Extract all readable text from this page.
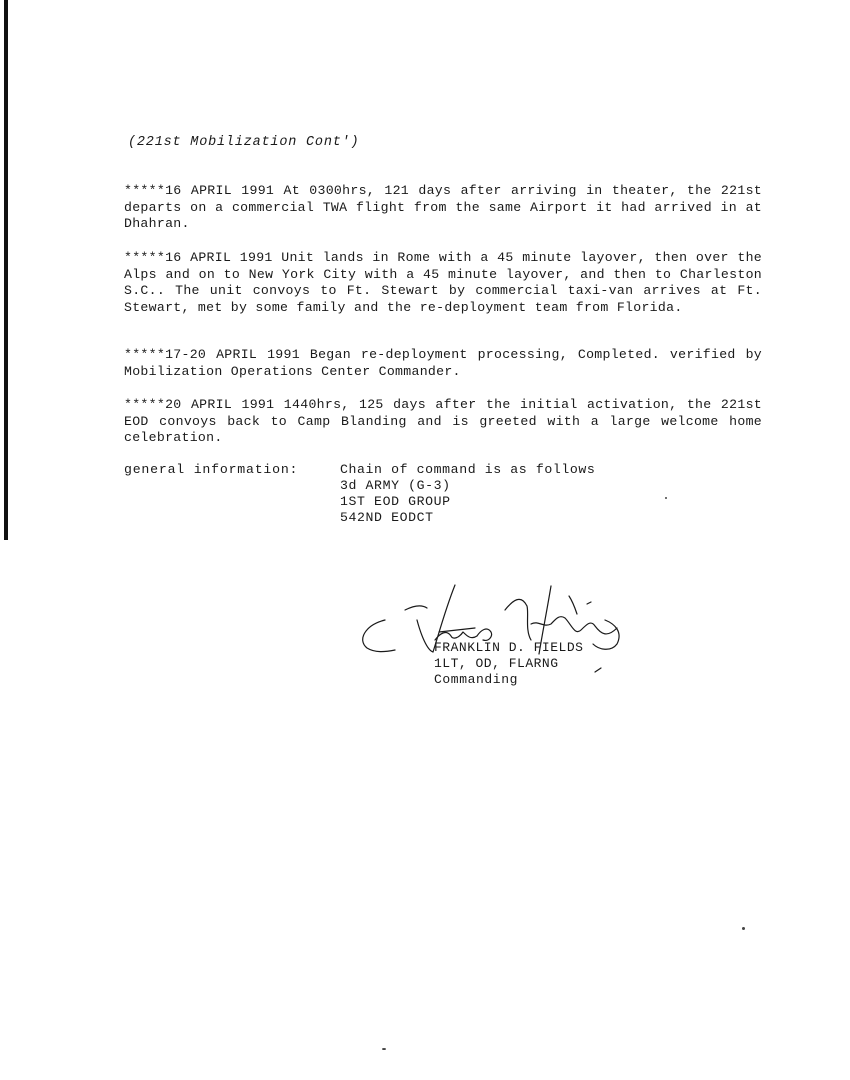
(221st Mobilization Cont')
*****16 APRIL 1991 At 0300hrs, 121 days after arriving in theater, the 221st departs on a commercial TWA flight from the same Airport it had arrived in at Dhahran.
*****16 APRIL 1991 Unit lands in Rome with a 45 minute layover, then over the Alps and on to New York City with a 45 minute layover, and then to Charleston S.C.. The unit convoys to Ft. Stewart by commercial taxi-van arrives at Ft. Stewart, met by some family and the re-deployment team from Florida.
*****17-20 APRIL 1991 Began re-deployment processing, Completed. verified by Mobilization Operations Center Commander.
*****20 APRIL 1991 1440hrs, 125 days after the initial activation, the 221st EOD convoys back to Camp Blanding and is greeted with a large welcome home celebration.
general information:	Chain of command is as follows
3d ARMY (G-3)
1ST EOD GROUP
542ND EODCT
FRANKLIN D. FIELDS
1LT, OD, FLARNG
Commanding
